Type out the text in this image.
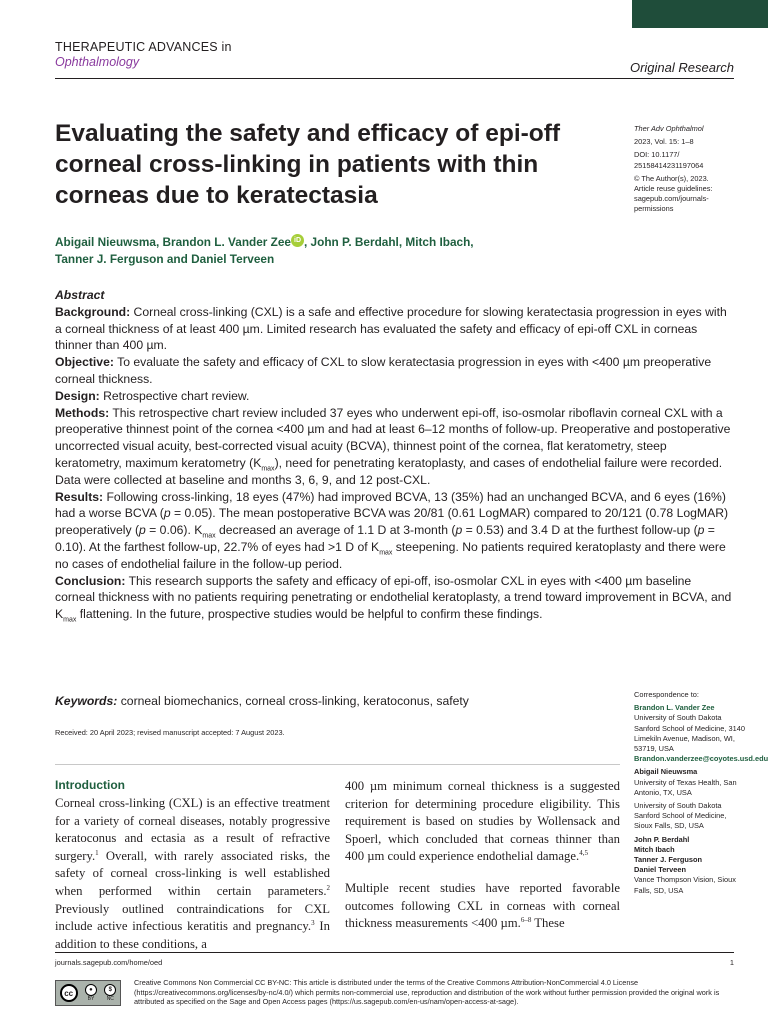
THERAPEUTIC ADVANCES in
Ophthalmology	Original Research
Evaluating the safety and efficacy of epi-off corneal cross-linking in patients with thin corneas due to keratectasia
Abigail Nieuwsma, Brandon L. Vander Zee iD , John P. Berdahl, Mitch Ibach,
Tanner J. Ferguson and Daniel Terveen

Ther Adv Ophthalmol

2023, Vol. 15: 1–8

DOI: 10.1177/
25158414231197064

© The Author(s), 2023.
Article reuse guidelines:
sagepub.com/journals-
permissions

Abstract

Background: Corneal cross-linking (CXL) is a safe and effective procedure for slowing keratectasia progression in eyes with a corneal thickness of at least 400 µm. Limited research has evaluated the safety and efficacy of epi-off CXL in corneas thinner than 400 µm.

Objective: To evaluate the safety and efficacy of CXL to slow keratectasia progression in eyes with <400 µm preoperative corneal thickness.

Design: Retrospective chart review.

Methods: This retrospective chart review included 37 eyes who underwent epi-off, iso-osmolar riboflavin corneal CXL with a preoperative thinnest point of the cornea <400 µm and had at least 6–12 months of follow-up. Preoperative and postoperative uncorrected visual acuity, best-corrected visual acuity (BCVA), thinnest point of the cornea, flat keratometry, steep keratometry, maximum keratometry $(K_{max})$, need for penetrating keratoplasty, and cases of endothelial failure were recorded. Data were collected at baseline and months 3, 6, 9, and 12 post-CXL.

Results: Following cross-linking, 18 eyes (47%) had improved BCVA, 13 (35%) had an unchanged BCVA, and 6 eyes (16%) had a worse BCVA (p = 0.05). The mean postoperative BCVA was 20/81 (0.61 LogMAR) compared to 20/121 (0.78 LogMAR) preoperatively (p = 0.06). $K_{max}$ decreased an average of 1.1 D at 3-month (p = 0.53) and 3.4 D at the furthest follow-up (p = 0.10). At the farthest follow-up, 22.7% of eyes had >1 D of $K_{max}$ steepening. No patients required keratoplasty and there were no cases of endothelial failure in the follow-up period.

Conclusion: This research supports the safety and efficacy of epi-off, iso-osmolar CXL in eyes with <400 µm baseline corneal thickness with no patients requiring penetrating or endothelial keratoplasty, a trend toward improvement in BCVA, and $K_{max}$ flattening. In the future, prospective studies would be helpful to confirm these findings.

Keywords: corneal biomechanics, corneal cross-linking, keratoconus, safety
Received: 20 April 2023; revised manuscript accepted: 7 August 2023.
Introduction
Corneal cross-linking (CXL) is an effective treatment for a variety of corneal diseases, notably progressive keratoconus and ectasia as a result of refractive surgery.$^1$ Overall, with rarely associated risks, the safety of corneal cross-linking is well established when performed within certain parameters.$^2$ Previously outlined contraindications for CXL include active infectious keratitis and pregnancy.$^3$ In addition to these conditions, a

400 µm minimum corneal thickness is a suggested criterion for determining procedure eligibility. This requirement is based on studies by Wollensack and Spoerl, which concluded that corneas thinner than 400 µm could experience endothelial damage.$^{4,5}$

Multiple recent studies have reported favorable outcomes following CXL in corneas with corneal thickness measurements <400 µm.$^{6-8}$ These

Correspondence to:

Brandon L. Vander Zee
University of South Dakota Sanford School of Medicine, 3140 Limekiln Avenue, Madison, WI, 53719, USA
Brandon.vanderzee@coyotes.usd.edu

Abigail Nieuwsma
University of Texas Health, San Antonio, TX, USA

University of South Dakota Sanford School of Medicine, Sioux Falls, SD, USA

John P. Berdahl
Mitch Ibach
Tanner J. Ferguson
Daniel Terveen
Vance Thompson Vision, Sioux Falls, SD, USA

journals.sagepub.com/home/oed	1
cc	●
BY
$
NC
Creative Commons Non Commercial CC BY-NC: This article is distributed under the terms of the Creative Commons Attribution-NonCommercial 4.0 License (https://creativecommons.org/licenses/by-nc/4.0/) which permits non-commercial use, reproduction and distribution of the work without further permission provided the original work is attributed as specified on the Sage and Open Access pages (https://us.sagepub.com/en-us/nam/open-access-at-sage).
